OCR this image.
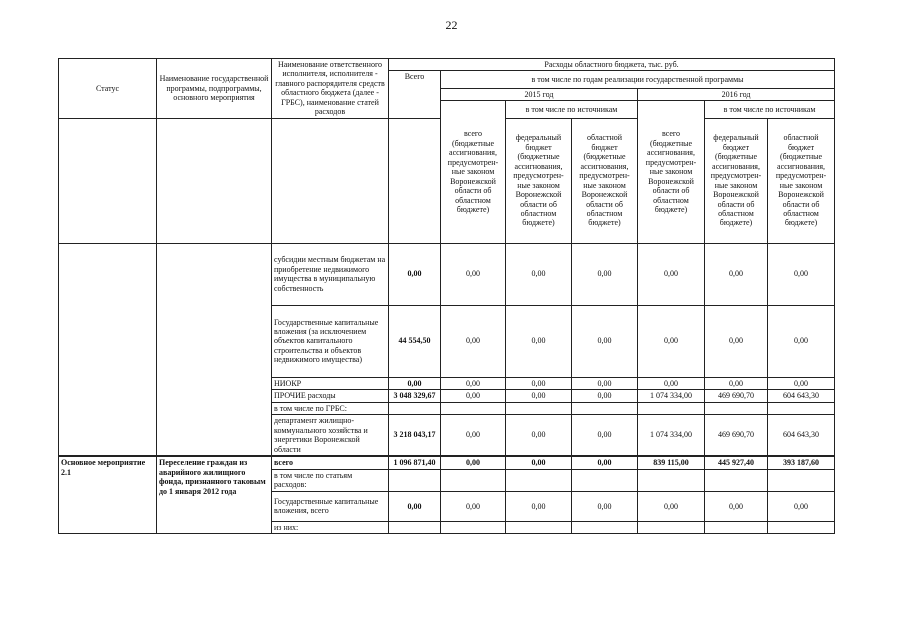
22
Статус	Наименование государственной программы, подпрограммы, основного мероприятия	Наименование ответственного исполнителя, исполнителя - главного распорядителя средств областного бюджета (далее - ГРБС), наименование статей расходов	Расходы областного бюджета, тыс. руб.						
			Всего	в том числе по годам реализации государственной программы					
				2015 год			2016 год		
				всего (бюджетные ассигнования, предусмотрен-ные законом Воронежской области об областном бюджете)	в том числе по источникам		всего (бюджетные ассигнования, предусмотрен-ные законом Воронежской области об областном бюджете)	в том числе по источникам	
					федеральный бюджет (бюджетные ассигнования, предусмотрен-ные законом Воронежской области об областном бюджете)	областной бюджет (бюджетные ассигнования, предусмотрен-ные законом Воронежской области об областном бюджете)		федеральный бюджет (бюджетные ассигнования, предусмотрен-ные законом Воронежской области об областном бюджете)	областной бюджет (бюджетные ассигнования, предусмотрен-ные законом Воронежской области об областном бюджете)
		субсидии местным бюджетам на приобретение недвижимого имущества в муниципальную собственность	0,00	0,00	0,00	0,00	0,00	0,00	0,00
		Государственные капитальные вложения (за исключением объектов капитального строительства и объектов недвижимого имущества)	44 554,50	0,00	0,00	0,00	0,00	0,00	0,00
		НИОКР	0,00	0,00	0,00	0,00	0,00	0,00	0,00
		ПРОЧИЕ расходы	3 048 329,67	0,00	0,00	0,00	1 074 334,00	469 690,70	604 643,30
		в том числе по ГРБС:							
		департамент жилищно-коммунального хозяйства и энергетики Воронежской области	3 218 043,17	0,00	0,00	0,00	1 074 334,00	469 690,70	604 643,30
Основное мероприятие 2.1	Переселение граждан из аварийного жилищного фонда, признанного таковым до 1 января 2012 года	всего	1 096 871,40	0,00	0,00	0,00	839 115,00	445 927,40	393 187,60
		в том числе по статьям расходов:							
		Государственные капитальные вложения, всего	0,00	0,00	0,00	0,00	0,00	0,00	0,00
		из них:							
